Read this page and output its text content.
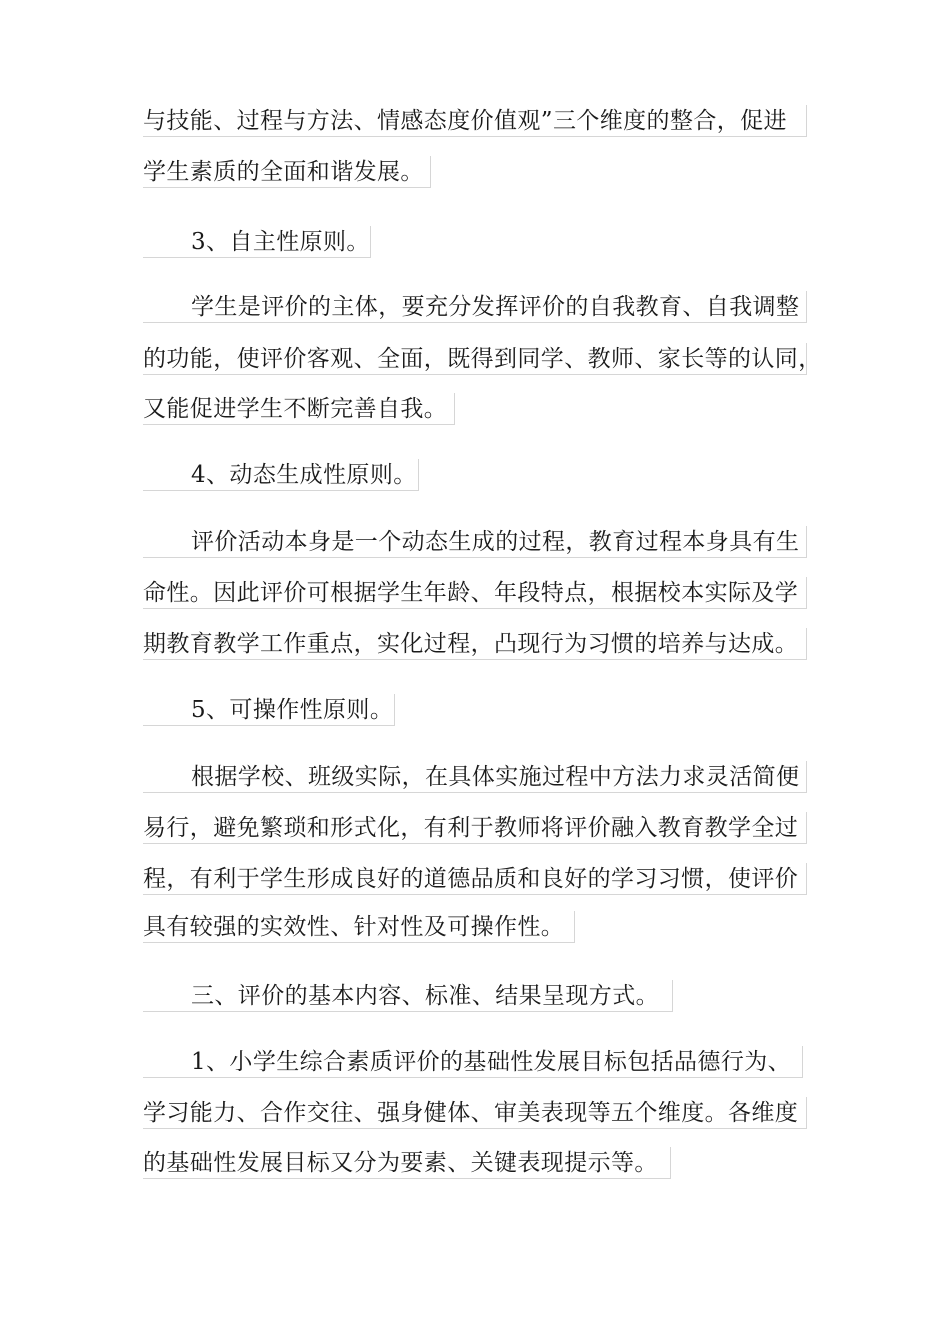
与技能、过程与方法、情感态度价值观”三个维度的整合，促进
学生素质的全面和谐发展。
3、自主性原则。
学生是评价的主体，要充分发挥评价的自我教育、自我调整
的功能，使评价客观、全面，既得到同学、教师、家长等的认同，
又能促进学生不断完善自我。
4、动态生成性原则。
评价活动本身是一个动态生成的过程，教育过程本身具有生
命性。因此评价可根据学生年龄、年段特点，根据校本实际及学
期教育教学工作重点，实化过程，凸现行为习惯的培养与达成。
5、可操作性原则。
根据学校、班级实际，在具体实施过程中方法力求灵活简便
易行，避免繁琐和形式化，有利于教师将评价融入教育教学全过
程，有利于学生形成良好的道德品质和良好的学习习惯，使评价
具有较强的实效性、针对性及可操作性。
三、评价的基本内容、标准、结果呈现方式。
1、小学生综合素质评价的基础性发展目标包括品德行为、
学习能力、合作交往、强身健体、审美表现等五个维度。各维度
的基础性发展目标又分为要素、关键表现提示等。
